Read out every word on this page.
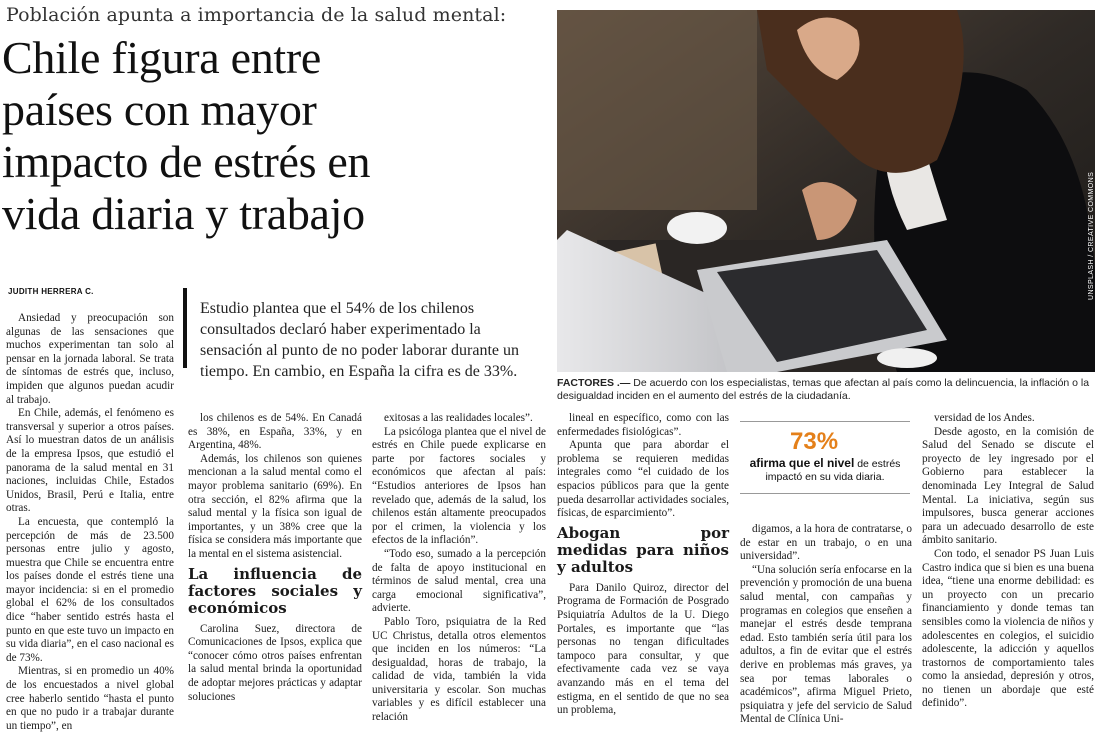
Población apunta a importancia de la salud mental:
Chile figura entre
países con mayor
impacto de estrés en
vida diaria y trabajo
JUDITH HERRERA C.
Estudio plantea que el 54% de los chilenos consultados declaró haber experimentado la sensación al punto de no poder laborar durante un tiempo. En cambio, en España la cifra es de 33%.
UNSPLASH / CREATIVE COMMONS
FACTORES .— De acuerdo con los especialistas, temas que afectan al país como la delincuencia, la inflación o la desigualdad inciden en el aumento del estrés de la ciudadanía.

Ansiedad y preocupación son algunas de las sensaciones que muchos experimentan tan solo al pensar en la jornada laboral. Se trata de síntomas de estrés que, incluso, impiden que algunos puedan acudir al trabajo.

En Chile, además, el fenómeno es transversal y superior a otros países. Así lo muestran datos de un análisis de la empresa Ipsos, que estudió el panorama de la salud mental en 31 naciones, incluidas Chile, Estados Unidos, Brasil, Perú e Italia, entre otras.

La encuesta, que contempló la percepción de más de 23.500 personas entre julio y agosto, muestra que Chile se encuentra entre los países donde el estrés tiene una mayor incidencia: si en el promedio global el 62% de los consultados dice “haber sentido estrés hasta el punto en que este tuvo un impacto en su vida diaria”, en el caso nacional es de 73%.

Mientras, si en promedio un 40% de los encuestados a nivel global cree haberlo sentido “hasta el punto en que no pudo ir a trabajar durante un tiempo”, en

los chilenos es de 54%. En Canadá es 38%, en España, 33%, y en Argentina, 48%.

Además, los chilenos son quienes mencionan a la salud mental como el mayor problema sanitario (69%). En otra sección, el 82% afirma que la salud mental y la física son igual de importantes, y un 38% cree que la física se considera más importante que la mental en el sistema asistencial.

La influencia de factores sociales y económicos

Carolina Suez, directora de Comunicaciones de Ipsos, explica que “conocer cómo otros países enfrentan la salud mental brinda la oportunidad de adoptar mejores prácticas y adaptar soluciones

exitosas a las realidades locales”.

La psicóloga plantea que el nivel de estrés en Chile puede explicarse en parte por factores sociales y económicos que afectan al país: “Estudios anteriores de Ipsos han revelado que, además de la salud, los chilenos están altamente preocupados por el crimen, la violencia y los efectos de la inflación”.

“Todo eso, sumado a la percepción de falta de apoyo institucional en términos de salud mental, crea una carga emocional significativa”, advierte.

Pablo Toro, psiquiatra de la Red UC Christus, detalla otros elementos que inciden en los números: “La desigualdad, horas de trabajo, la calidad de vida, también la vida universitaria y escolar. Son muchas variables y es difícil establecer una relación

lineal en específico, como con las enfermedades fisiológicas”.

Apunta que para abordar el problema se requieren medidas integrales como “el cuidado de los espacios públicos para que la gente pueda desarrollar actividades sociales, físicas, de esparcimiento”.

Abogan por medidas para niños y adultos

Para Danilo Quiroz, director del Programa de Formación de Posgrado Psiquiatría Adultos de la U. Diego Portales, es importante que “las personas no tengan dificultades tampoco para consultar, y que efectivamente cada vez se vaya avanzando más en el tema del estigma, en el sentido de que no sea un problema,

73%
afirma que el nivel de estrés impactó en su vida diaria.

digamos, a la hora de contratarse, o de estar en un trabajo, o en una universidad”.

“Una solución sería enfocarse en la prevención y promoción de una buena salud mental, con campañas y programas en colegios que enseñen a manejar el estrés desde temprana edad. Esto también sería útil para los adultos, a fin de evitar que el estrés derive en problemas más graves, ya sea por temas laborales o académicos”, afirma Miguel Prieto, psiquiatra y jefe del servicio de Salud Mental de Clínica Uni-

versidad de los Andes.

Desde agosto, en la comisión de Salud del Senado se discute el proyecto de ley ingresado por el Gobierno para establecer la denominada Ley Integral de Salud Mental. La iniciativa, según sus impulsores, busca generar acciones para un adecuado desarrollo de este ámbito sanitario.

Con todo, el senador PS Juan Luis Castro indica que si bien es una buena idea, “tiene una enorme debilidad: es un proyecto con un precario financiamiento y donde temas tan sensibles como la violencia de niños y adolescentes en colegios, el suicidio adolescente, la adicción y aquellos trastornos de comportamiento tales como la ansiedad, depresión y otros, no tienen un abordaje que esté definido”.
